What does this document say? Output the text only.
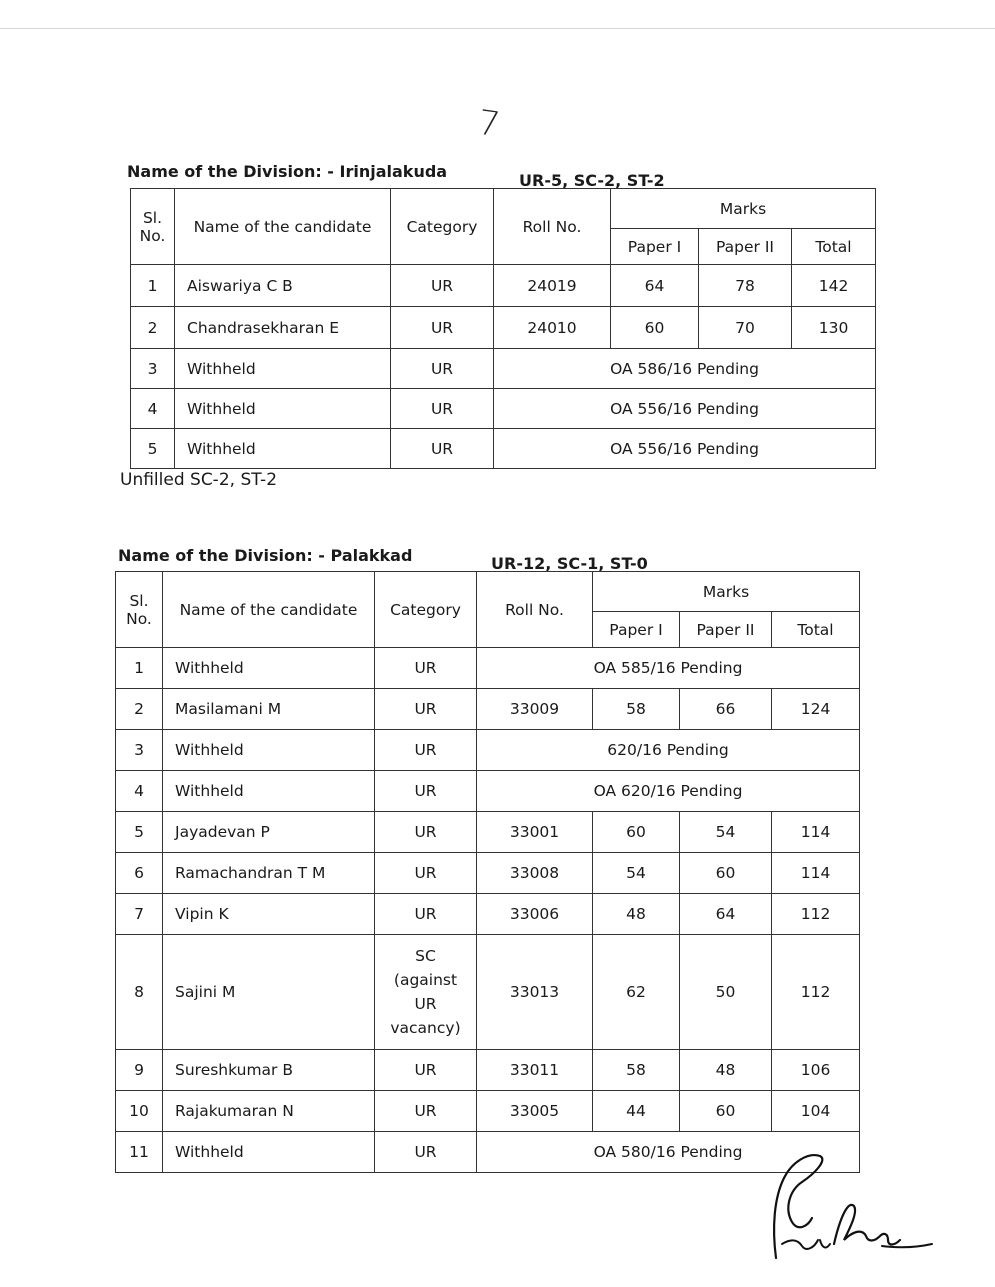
7
Name of the Division: - Irinjalakuda	UR-5, SC-2, ST-2
Sl. No.	Name of the candidate	Category	Roll No.	Marks		
				Paper I	Paper II	Total
1	Aiswariya C B	UR	24019	64	78	142
2	Chandrasekharan E	UR	24010	60	70	130
3	Withheld	UR	OA 586/16 Pending			
4	Withheld	UR	OA 556/16 Pending			
5	Withheld	UR	OA 556/16 Pending			
Unfilled SC-2, ST-2
Name of the Division: - Palakkad	UR-12, SC-1, ST-0
Sl. No.	Name of the candidate	Category	Roll No.	Marks		
				Paper I	Paper II	Total
1	Withheld	UR	OA 585/16 Pending			
2	Masilamani M	UR	33009	58	66	124
3	Withheld	UR	620/16 Pending			
4	Withheld	UR	OA 620/16 Pending			
5	Jayadevan P	UR	33001	60	54	114
6	Ramachandran T M	UR	33008	54	60	114
7	Vipin K	UR	33006	48	64	112
8	Sajini M	SC (against UR vacancy)	33013	62	50	112
9	Sureshkumar B	UR	33011	58	48	106
10	Rajakumaran N	UR	33005	44	60	104
11	Withheld	UR	OA 580/16 Pending			
